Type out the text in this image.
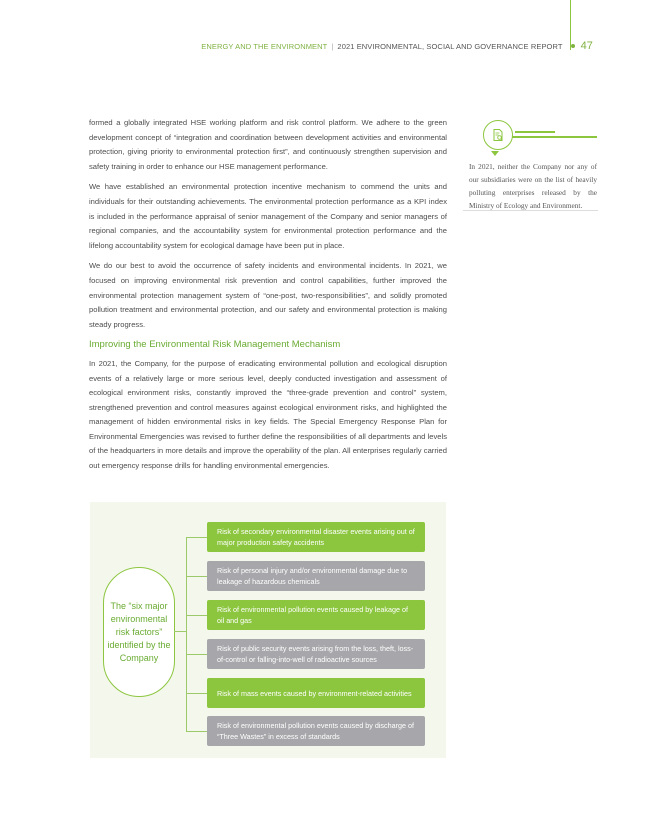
ENERGY AND THE ENVIRONMENT | 2021 ENVIRONMENTAL, SOCIAL AND GOVERNANCE REPORT 47

formed a globally integrated HSE working platform and risk control platform. We adhere to the green development concept of “integration and coordination between development activities and environmental protection, giving priority to environmental protection first”, and continuously strengthen supervision and safety training in order to enhance our HSE management performance.

We have established an environmental protection incentive mechanism to commend the units and individuals for their outstanding achievements. The environmental protection performance as a KPI index is included in the performance appraisal of senior management of the Company and senior managers of regional companies, and the accountability system for environmental protection performance and the lifelong accountability system for ecological damage have been put in place.

We do our best to avoid the occurrence of safety incidents and environmental incidents. In 2021, we focused on improving environmental risk prevention and control capabilities, further improved the environmental protection management system of “one-post, two-responsibilities”, and solidly promoted pollution treatment and environmental protection, and our safety and environmental protection is making steady progress.

Improving the Environmental Risk Management Mechanism

In 2021, the Company, for the purpose of eradicating environmental pollution and ecological disruption events of a relatively large or more serious level, deeply conducted investigation and assessment of ecological environment risks, constantly improved the “three-grade prevention and control” system, strengthened prevention and control measures against ecological environment risks, and highlighted the management of hidden environmental risks in key fields. The Special Emergency Response Plan for Environmental Emergencies was revised to further define the responsibilities of all departments and levels of the headquarters in more details and improve the operability of the plan. All enterprises regularly carried out emergency response drills for handling environmental emergencies.

In 2021, neither the Company nor any of our subsidiaries were on the list of heavily polluting enterprises released by the Ministry of Ecology and Environment.
The “six major environmental risk factors” identified by the Company
Risk of secondary environmental disaster events arising out of major production safety accidents
Risk of personal injury and/or environmental damage due to leakage of hazardous chemicals
Risk of environmental pollution events caused by leakage of oil and gas
Risk of public security events arising from the loss, theft, loss-of-control or falling-into-well of radioactive sources
Risk of mass events caused by environment-related activities
Risk of environmental pollution events caused by discharge of “Three Wastes” in excess of standards
